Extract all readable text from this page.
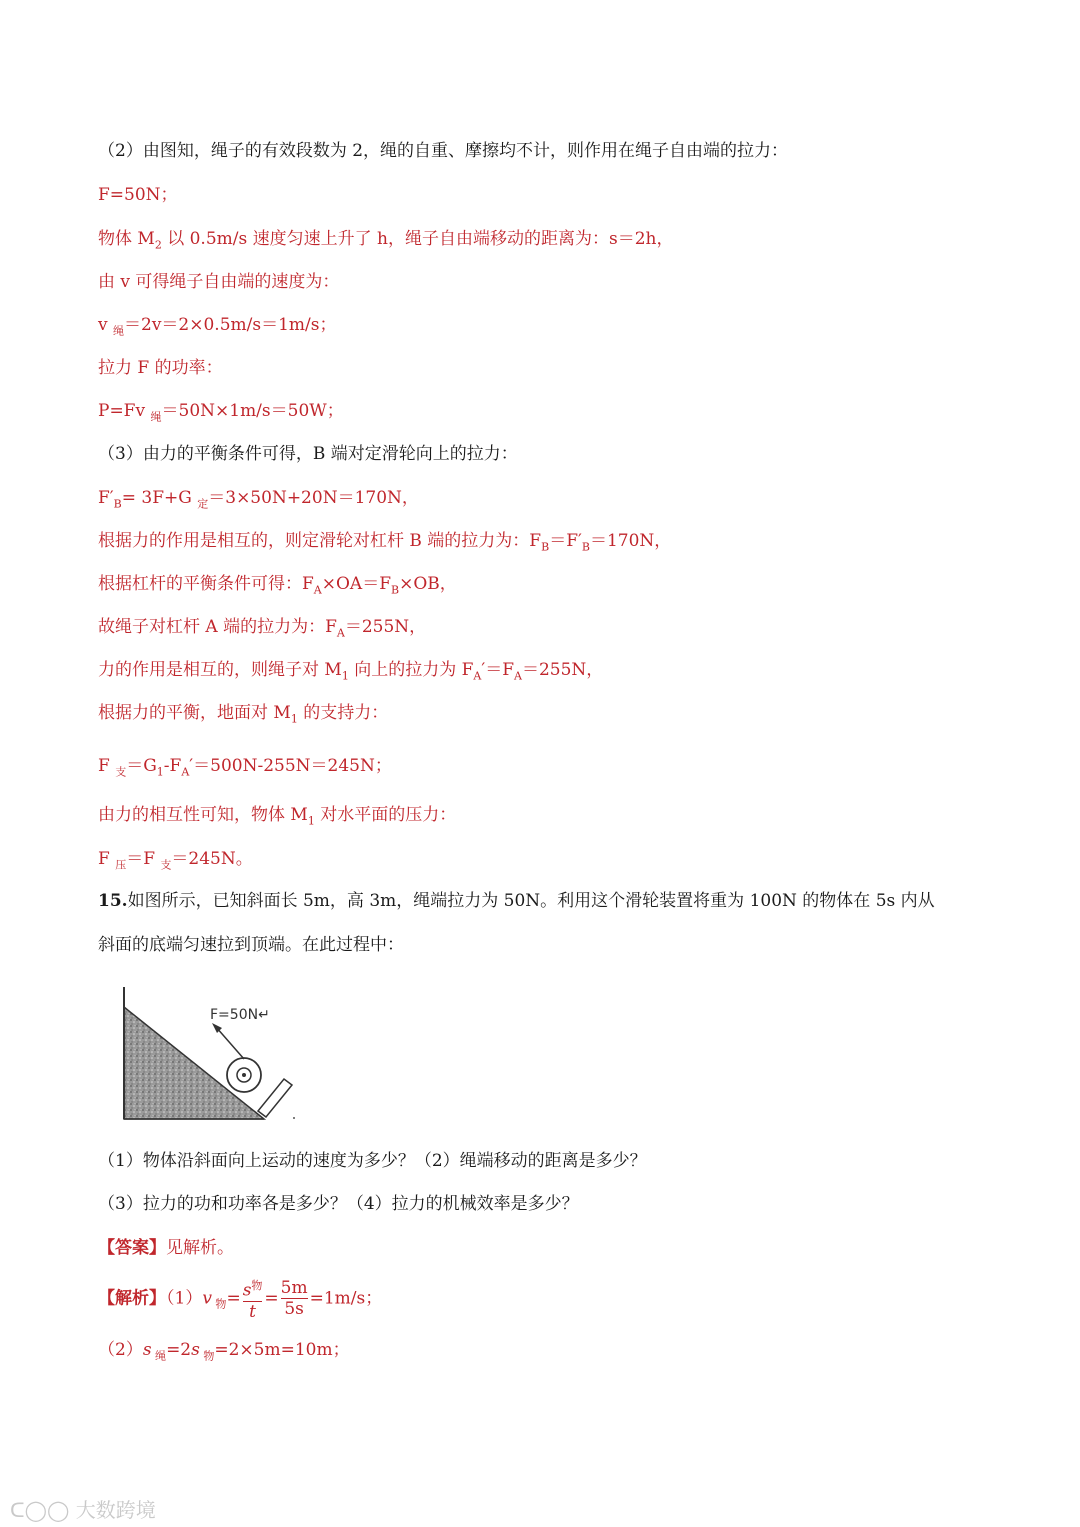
（2）由图知，绳子的有效段数为 2，绳的自重、摩擦均不计，则作用在绳子自由端的拉力：
F=50N；
物体 $M_2$ 以 0.5m/s 速度匀速上升了 h，绳子自由端移动的距离为：s＝2h，
由 v 可得绳子自由端的速度为：
v $_绳$＝2v＝2×0.5m/s＝1m/s；
拉力 F 的功率：
P=Fv $_绳$＝50N×1m/s＝50W；
（3）由力的平衡条件可得，B 端对定滑轮向上的拉力：
$F'_B= 3F+G$ $_定$＝3×50N+20N＝170N，
根据力的作用是相互的，则定滑轮对杠杆 B 端的拉力为：$F_B=F'_B=170N$，
根据杠杆的平衡条件可得：$F_A\times OA=F_B\times OB$，
故绳子对杠杆 A 端的拉力为：$F_A=255N$，
力的作用是相互的，则绳子对 $M_1$ 向上的拉力为 $F_A'=F_A=255N$，
根据力的平衡，地面对 $M_1$ 的支持力：
F $_支=G_1-F_A'=500N-255N=245N$；
由力的相互性可知，物体 $M_1$ 对水平面的压力：
F $_压$＝F $_支$＝245N。
15.如图所示，已知斜面长 5m，高 3m，绳端拉力为 50N。利用这个滑轮装置将重为 100N 的物体在 5s 内从
斜面的底端匀速拉到顶端。在此过程中：
F=50N↵
（1）物体沿斜面向上运动的速度为多少？（2）绳端移动的距离是多少？
（3）拉力的功和功率各是多少？（4）拉力的机械效率是多少？
【答案】见解析。
【解析】（1）v $_物= \frac{s^物}{t} = \frac{5m}{5s} =1m/s$；
（2）s $_绳$=2s $_物$=2×5m=10m；
ᑕ◯◯ 大数跨境
